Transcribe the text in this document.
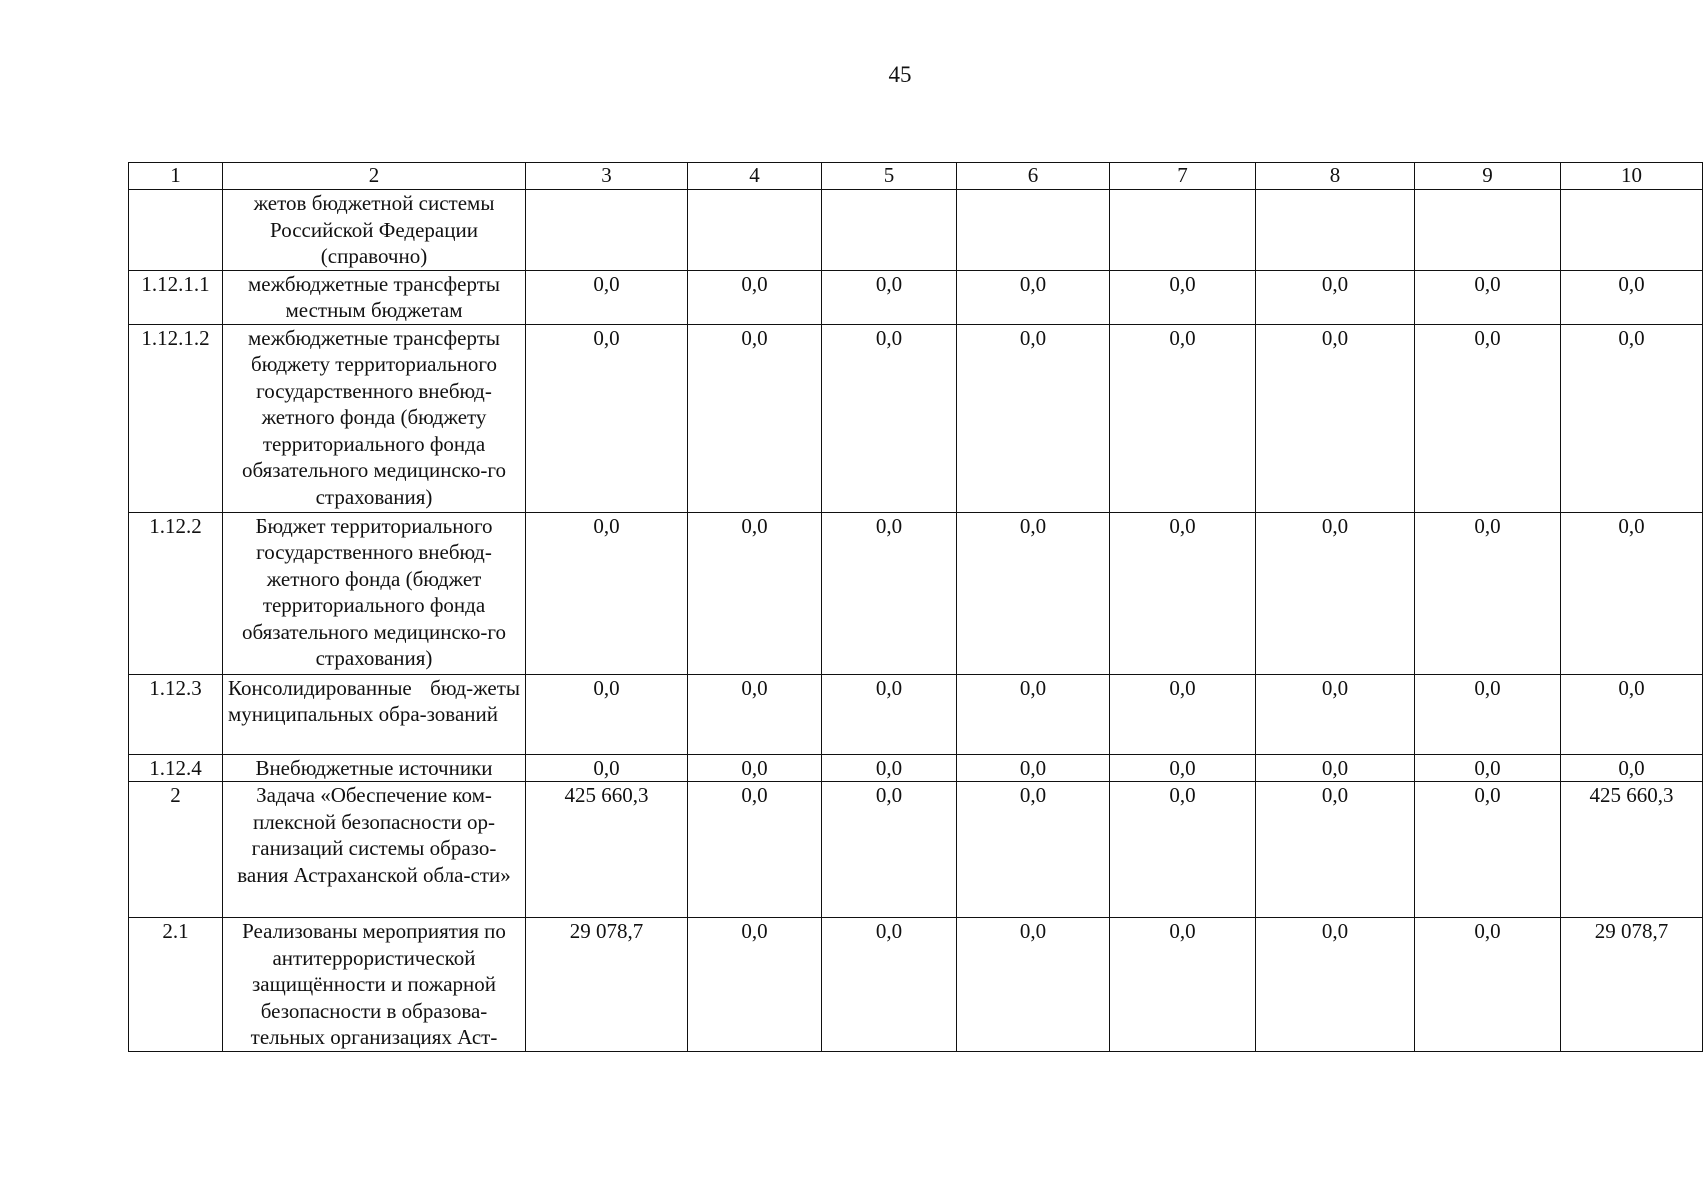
45
1	2	3	4	5	6	7	8	9	10
	жетов бюджетной системы Российской Федерации (справочно)								
1.12.1.1	межбюджетные трансферты местным бюджетам	0,0	0,0	0,0	0,0	0,0	0,0	0,0	0,0
1.12.1.2	межбюджетные трансферты бюджету территориального государственного внебюд-жетного фонда (бюджету территориального фонда обязательного медицинско-го страхования)	0,0	0,0	0,0	0,0	0,0	0,0	0,0	0,0
1.12.2	Бюджет территориального государственного внебюд-жетного фонда (бюджет территориального фонда обязательного медицинско-го страхования)	0,0	0,0	0,0	0,0	0,0	0,0	0,0	0,0
1.12.3	Консолидированные бюд-жеты муниципальных обра-зований	0,0	0,0	0,0	0,0	0,0	0,0	0,0	0,0
1.12.4	Внебюджетные источники	0,0	0,0	0,0	0,0	0,0	0,0	0,0	0,0
2	Задача «Обеспечение ком-плексной безопасности ор-ганизаций системы образо-вания Астраханской обла-сти»	425 660,3	0,0	0,0	0,0	0,0	0,0	0,0	425 660,3
2.1	Реализованы мероприятия по антитеррористической защищённости и пожарной безопасности в образова-тельных организациях Аст-	29 078,7	0,0	0,0	0,0	0,0	0,0	0,0	29 078,7
